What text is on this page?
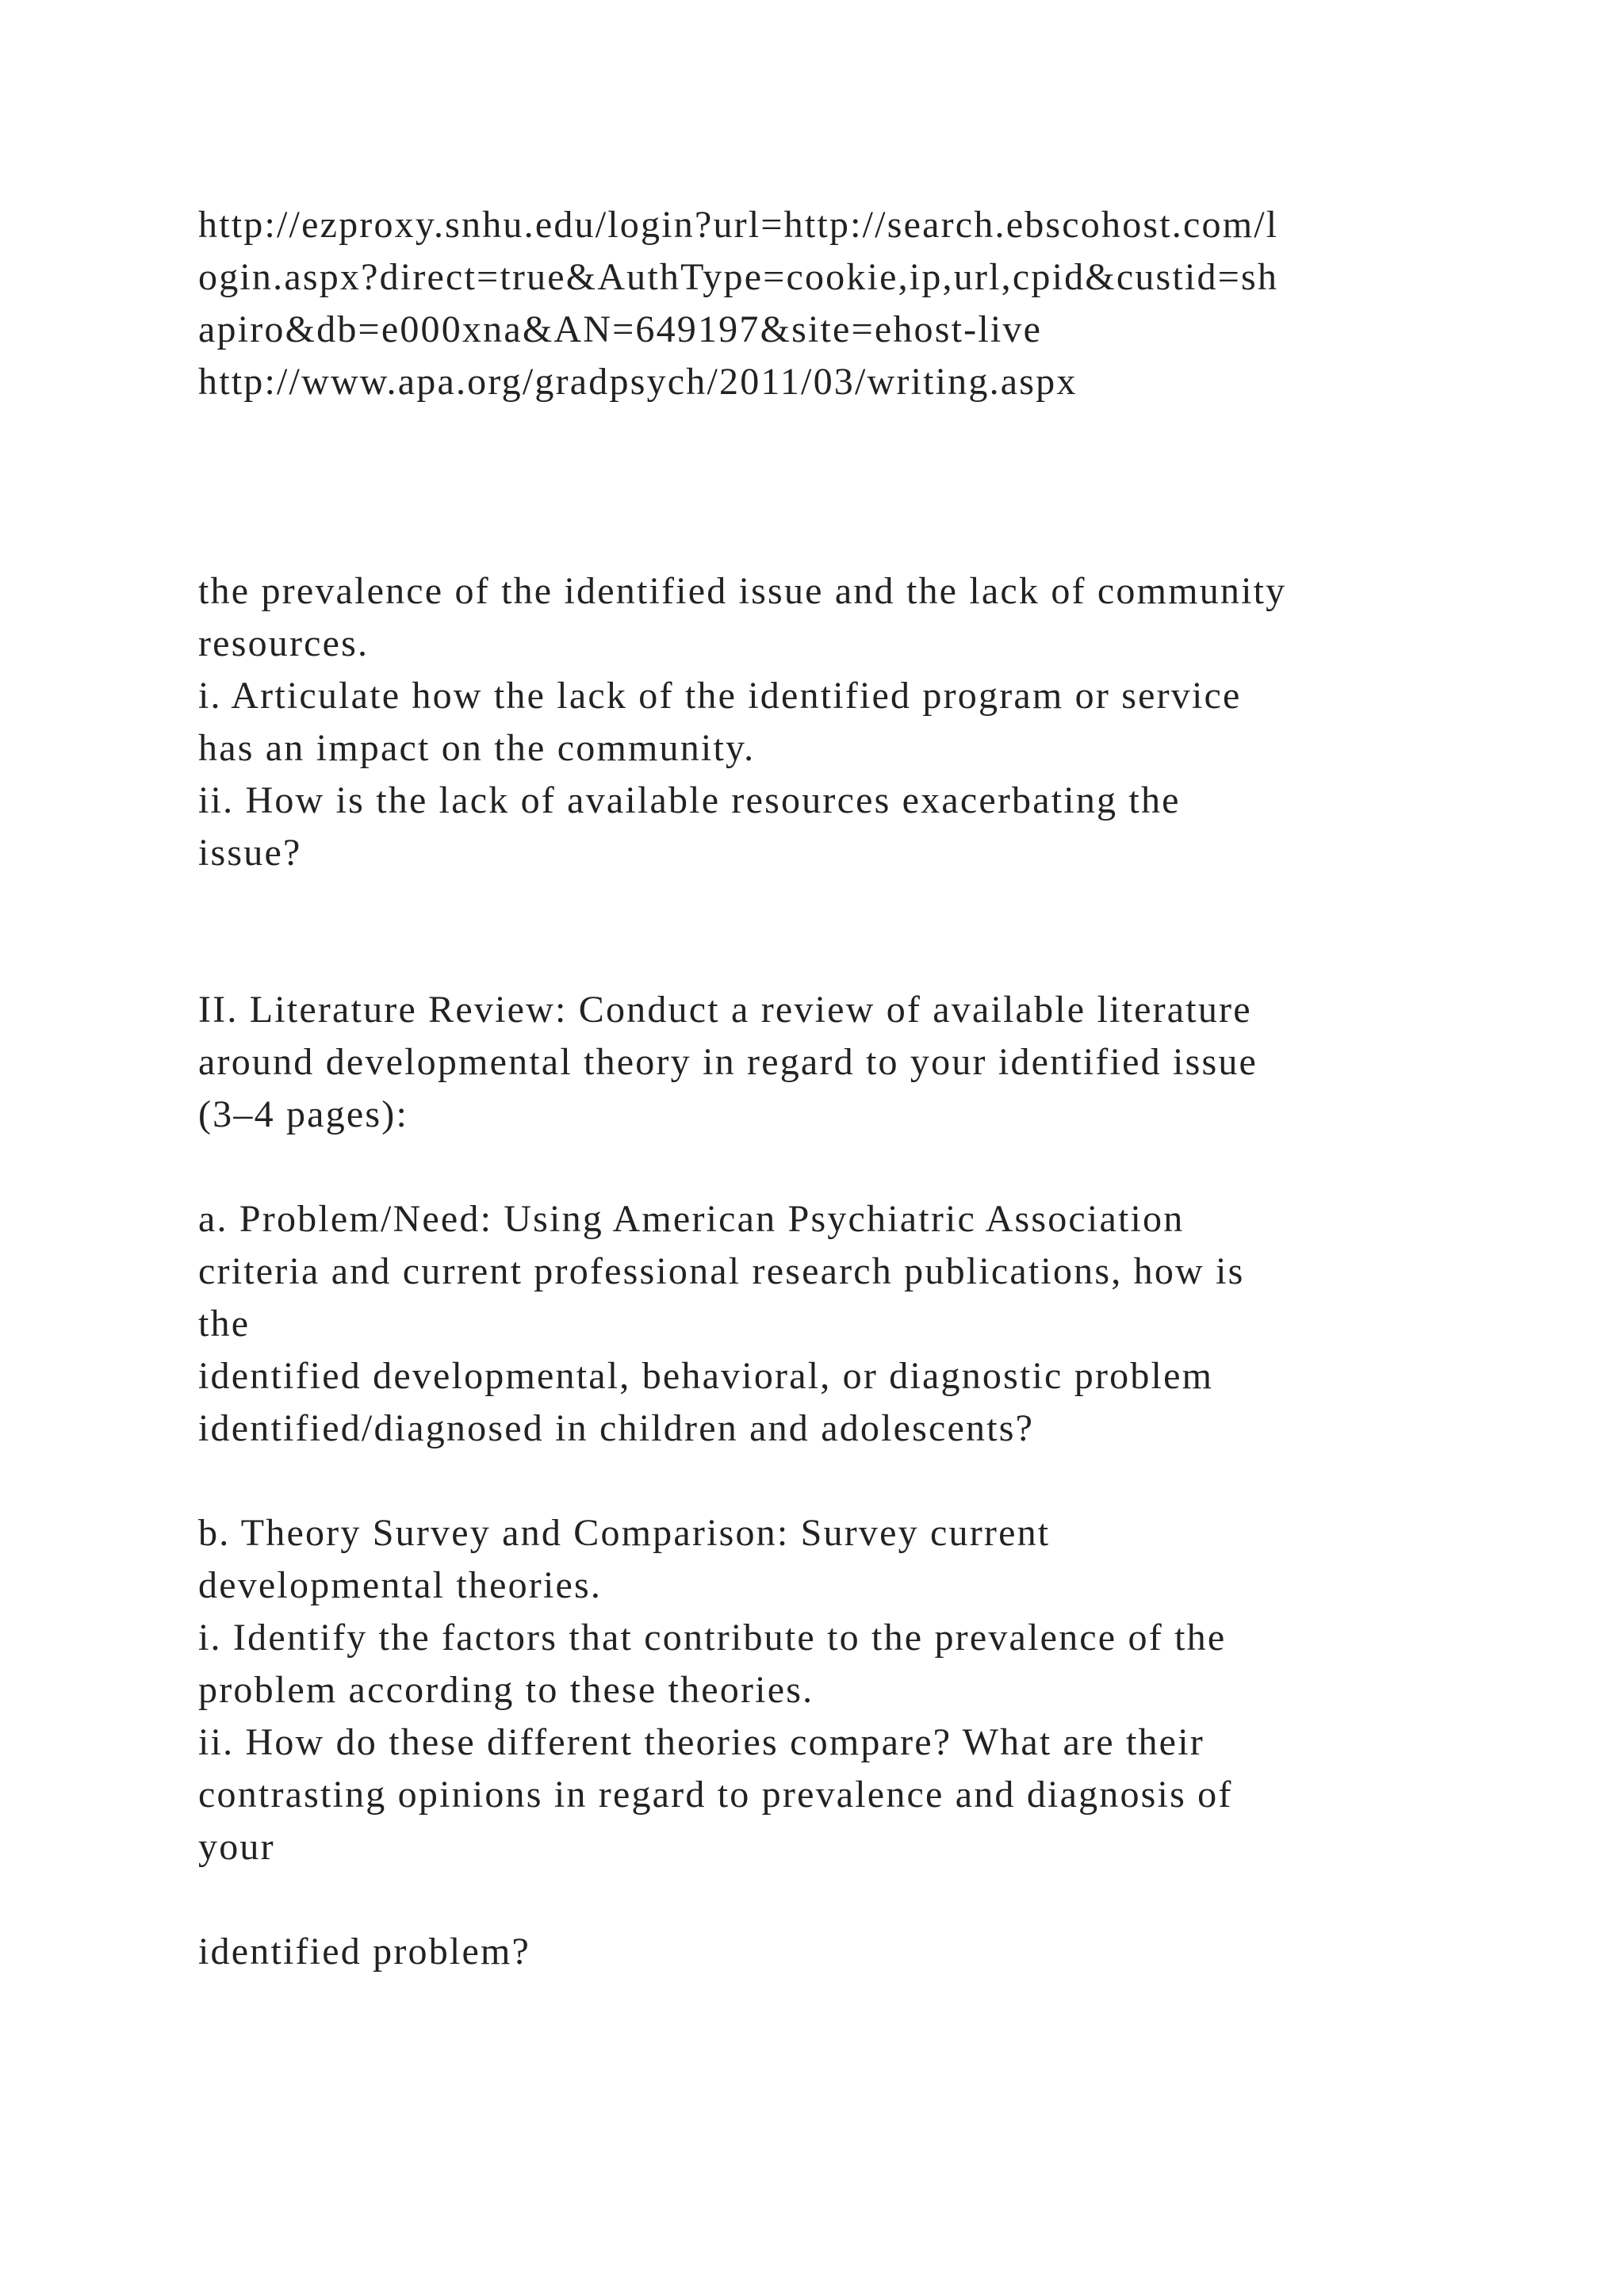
http://ezproxy.snhu.edu/login?url=http://search.ebscohost.com/l

ogin.aspx?direct=true&AuthType=cookie,ip,url,cpid&custid=sh

apiro&db=e000xna&AN=649197&site=ehost-live

http://www.apa.org/gradpsych/2011/03/writing.aspx

the prevalence of the identified issue and the lack of community

resources.

i. Articulate how the lack of the identified program or service

has an impact on the community.

ii. How is the lack of available resources exacerbating the

issue?

II. Literature Review: Conduct a review of available literature

around developmental theory in regard to your identified issue

(3–4 pages):

a. Problem/Need: Using American Psychiatric Association

criteria and current professional research publications, how is

the

identified developmental, behavioral, or diagnostic problem

identified/diagnosed in children and adolescents?

b. Theory Survey and Comparison: Survey current

developmental theories.

i. Identify the factors that contribute to the prevalence of the

problem according to these theories.

ii. How do these different theories compare? What are their

contrasting opinions in regard to prevalence and diagnosis of

your

identified problem?
